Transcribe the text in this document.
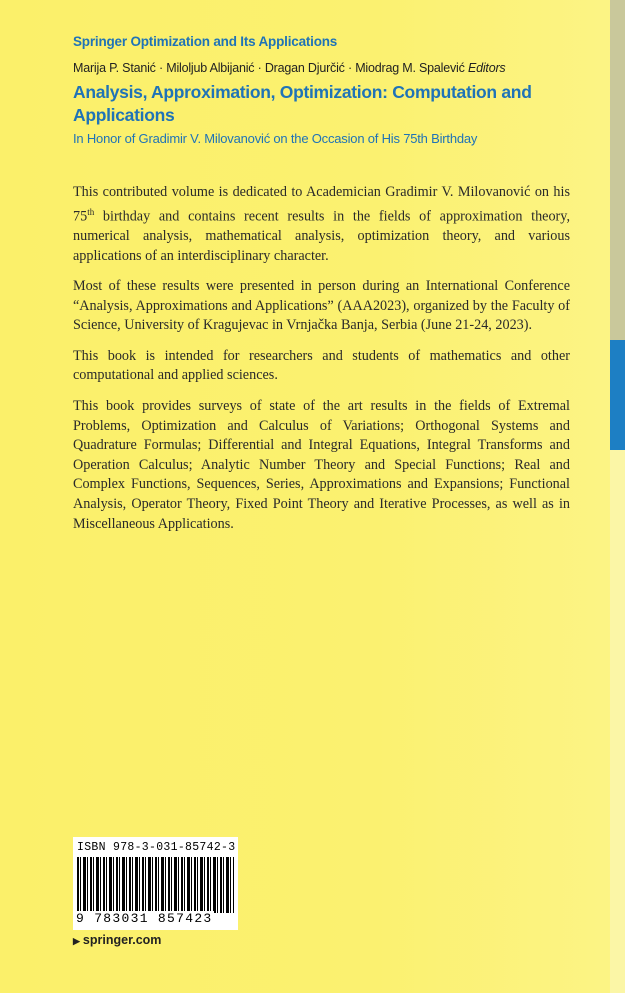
Springer Optimization and Its Applications
Marija P. Stanić · Miloljub Albijanić · Dragan Djurčić · Miodrag M. Spalević Editors
Analysis, Approximation, Optimization: Computation and Applications
In Honor of Gradimir V. Milovanović on the Occasion of His 75th Birthday

This contributed volume is dedicated to Academician Gradimir V. Milovanović on his 75th birthday and contains recent results in the fields of approximation theory, numerical analysis, mathematical analysis, optimization theory, and various applications of an interdisciplinary character.

Most of these results were presented in person during an International Conference “Analysis, Approximations and Applications” (AAA2023), organized by the Faculty of Science, University of Kragujevac in Vrnjačka Banja, Serbia (June 21-24, 2023).

This book is intended for researchers and students of mathematics and other computational and applied sciences.

This book provides surveys of state of the art results in the fields of Extremal Problems, Optimization and Calculus of Variations; Orthogonal Systems and Quadrature Formulas; Differential and Integral Equations, Integral Transforms and Operation Calculus; Analytic Number Theory and Special Functions; Real and Complex Functions, Sequences, Series, Approximations and Expansions; Functional Analysis, Operator Theory, Fixed Point Theory and Iterative Processes, as well as in Miscellaneous Applications.

ISBN 978-3-031-85742-3
9 783031 857423
▶ springer.com
